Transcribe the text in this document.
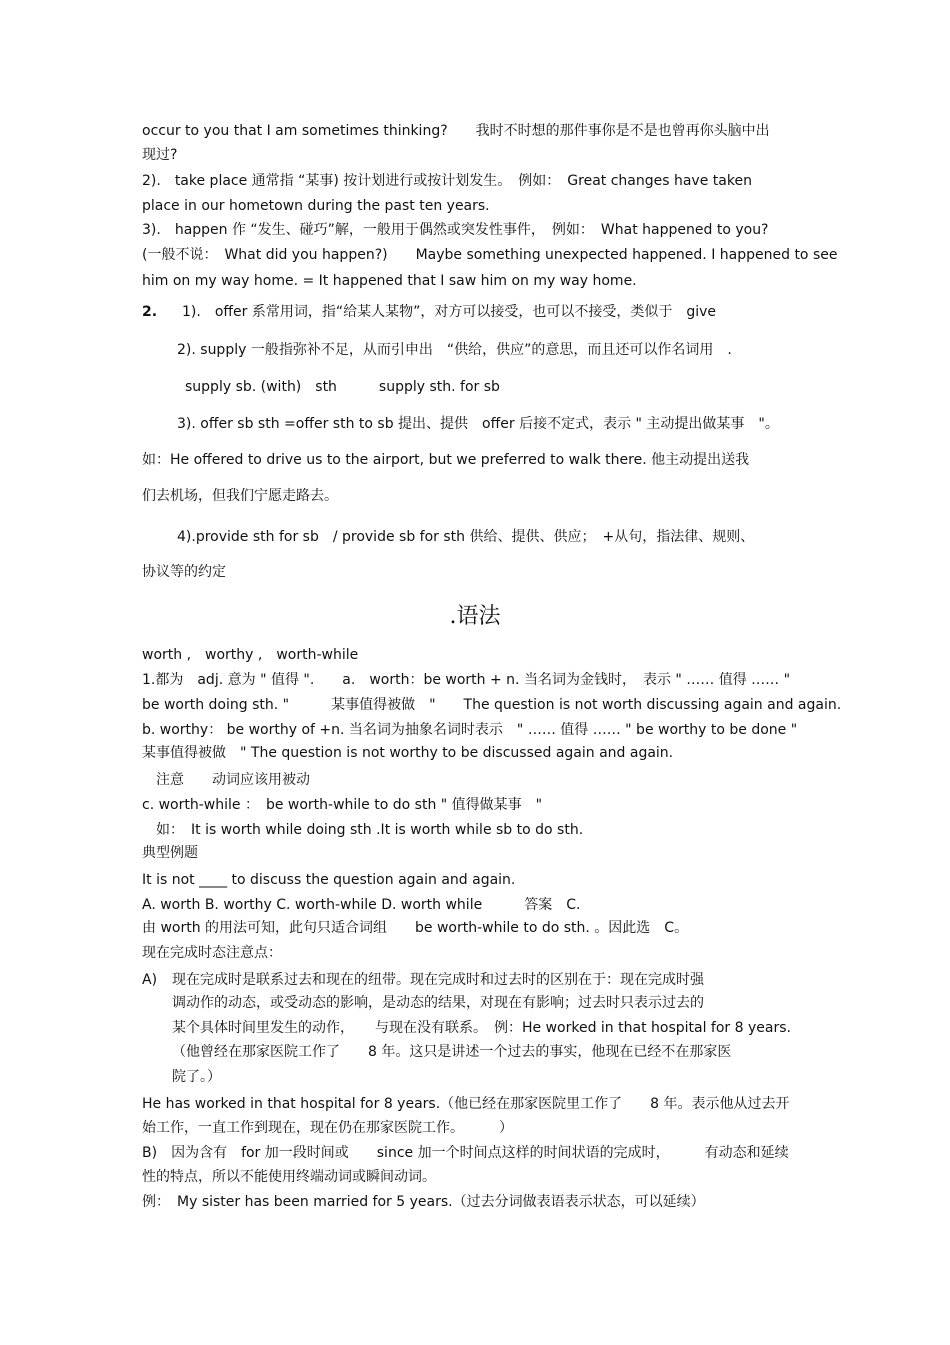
occur to you that I am sometimes thinking?　　我时不时想的那件事你是不是也曾再你头脑中出
现过?
2).　take place 通常指 “某事) 按计划进行或按计划发生。　例如：　Great changes have taken
place in our hometown during the past ten years.
3).　happen 作 “发生、碰巧”解，一般用于偶然或突发性事件，　例如：　What happened to you?
(一般不说：　What did you happen?)　　Maybe something unexpected happened. I happened to see
him on my way home. = It happened that I saw him on my way home.
2.	1).　offer 系常用词，指“给某人某物”，对方可以接受，也可以不接受，类似于　give
2). supply 一般指弥补不足，从而引申出　“供给，供应”的意思，而且还可以作名词用　.
supply sb. (with)　sth　　　supply sth. for sb
3). offer sb sth =offer sth to sb 提出、提供　offer 后接不定式，表示 " 主动提出做某事　"。
如：He offered to drive us to the airport, but we preferred to walk there. 他主动提出送我
们去机场，但我们宁愿走路去。
4).provide sth for sb　/ provide sb for sth 供给、提供、供应；　+从句，指法律、规则、
协议等的约定
.语法
worth ,　worthy ,　worth-while
1.都为　adj. 意为 " 值得 ".　　a.　worth：be worth + n. 当名词为金钱时，　表示 " …… 值得 …… "
be worth doing sth. "　　　某事值得被做　"　　The question is not worth discussing again and again.
b. worthy： be worthy of +n. 当名词为抽象名词时表示　" …… 值得 …… " be worthy to be done "
某事值得被做　" The question is not worthy to be discussed again and again.
　注意　　动词应该用被动
c. worth-while ：　be worth-while to do sth " 值得做某事　"
　如：　It is worth while doing sth .It is worth while sb to do sth.
典型例题
It is not ____ to discuss the question again and again.
A. worth B. worthy C. worth-while D. worth while　　　答案　C.
由 worth 的用法可知，此句只适合词组　　be worth-while to do sth. 。因此选　C。
现在完成时态注意点：
A)	现在完成时是联系过去和现在的纽带。现在完成时和过去时的区别在于：现在完成时强
调动作的动态，或受动态的影响，是动态的结果，对现在有影响；过去时只表示过去的
某个具体时间里发生的动作，　　与现在没有联系。　例：He worked in that hospital for 8 years.
（他曾经在那家医院工作了　　8 年。这只是讲述一个过去的事实，他现在已经不在那家医
院了。）
He has worked in that hospital for 8 years.（他已经在那家医院里工作了　　8 年。表示他从过去开
始工作，一直工作到现在，现在仍在那家医院工作。　　　）
B)　因为含有　for 加一段时间或　　since 加一个时间点这样的时间状语的完成时，　　　有动态和延续
性的特点，所以不能使用终端动词或瞬间动词。
例：　My sister has been married for 5 years.（过去分词做表语表示状态，可以延续）
